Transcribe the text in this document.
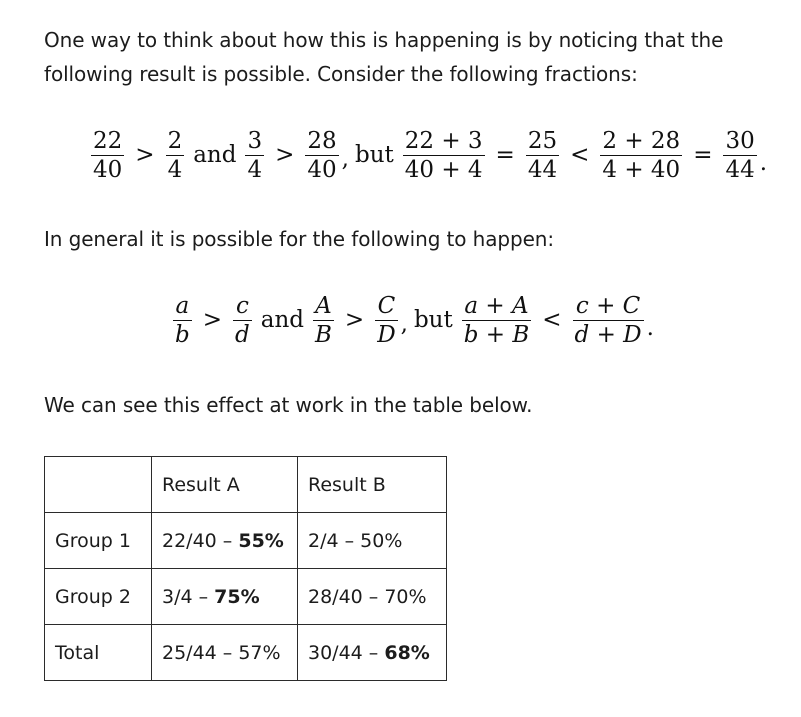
One way to think about how this is happening is by noticing that the following result is possible. Consider the following fractions:

$\frac{22}{40} > \frac{2}{4}$ and $\frac{3}{4} > \frac{28}{40}$ , but $\frac{22 + 3}{40 + 4} = \frac{25}{44} < \frac{2 + 28}{4 + 40} = \frac{30}{44}$ .

In general it is possible for the following to happen:

$\frac{a}{b} > \frac{c}{d}$ and $\frac{A}{B} > \frac{C}{D}$ , but $\frac{a + A}{b + B} < \frac{c + C}{d + D}$ .

We can see this effect at work in the table below.

	Result A	Result B
Group 1	22/40 – 55%	2/4 – 50%
Group 2	3/4 – 75%	28/40 – 70%
Total	25/44 – 57%	30/44 – 68%
